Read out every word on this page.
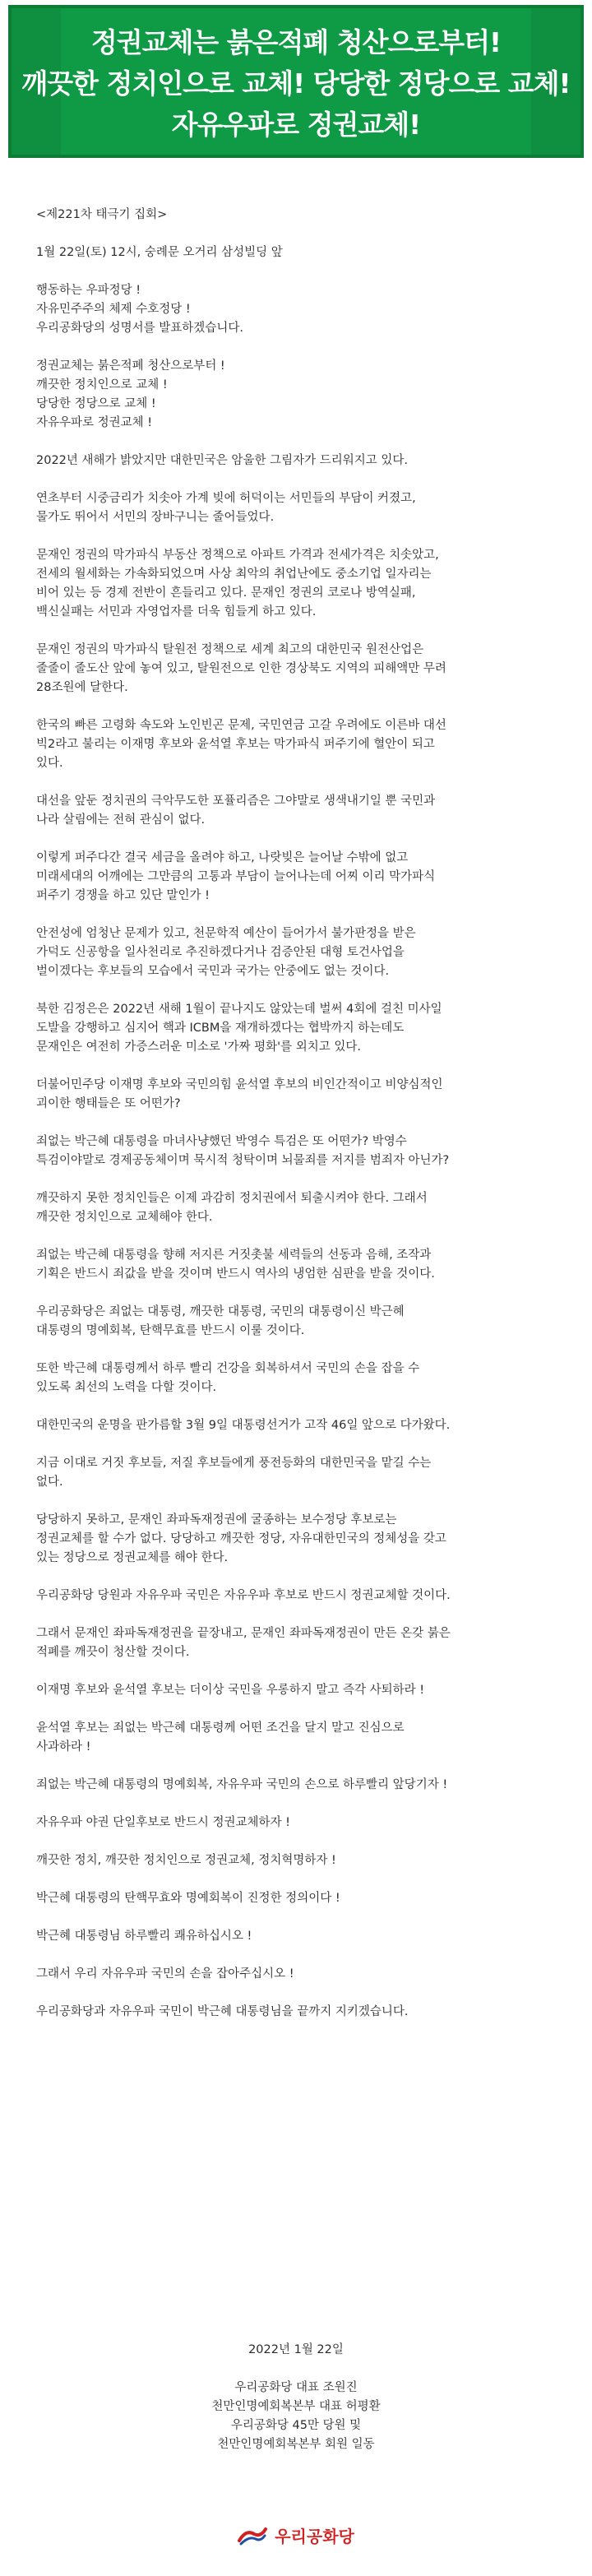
정권교체는 붉은적폐 청산으로부터!
깨끗한 정치인으로 교체! 당당한 정당으로 교체!
자유우파로 정권교체!

<제221차 태극기 집회>

1월 22일(토) 12시, 숭례문 오거리 삼성빌딩 앞

행동하는 우파정당 !

자유민주주의 체제 수호정당 !

우리공화당의 성명서를 발표하겠습니다.

정권교체는 붉은적폐 청산으로부터 !

깨끗한 정치인으로 교체 !

당당한 정당으로 교체 !

자유우파로 정권교체 !

2022년 새해가 밝았지만 대한민국은 암울한 그림자가 드리워지고 있다.

연초부터 시중금리가 치솟아 가계 빚에 허덕이는 서민들의 부담이 커졌고,

물가도 뛰어서 서민의 장바구니는 줄어들었다.

문재인 정권의 막가파식 부동산 정책으로 아파트 가격과 전세가격은 치솟았고,

전세의 월세화는 가속화되었으며 사상 최악의 취업난에도 중소기업 일자리는

비어 있는 등 경제 전반이 흔들리고 있다. 문재인 정권의 코로나 방역실패,

백신실패는 서민과 자영업자를 더욱 힘들게 하고 있다.

문재인 정권의 막가파식 탈원전 정책으로 세계 최고의 대한민국 원전산업은

줄줄이 줄도산 앞에 놓여 있고, 탈원전으로 인한 경상북도 지역의 피해액만 무려

28조원에 달한다.

한국의 빠른 고령화 속도와 노인빈곤 문제, 국민연금 고갈 우려에도 이른바 대선

빅2라고 불리는 이재명 후보와 윤석열 후보는 막가파식 퍼주기에 혈안이 되고

있다.

대선을 앞둔 정치권의 극악무도한 포퓰리즘은 그야말로 생색내기일 뿐 국민과

나라 살림에는 전혀 관심이 없다.

이렇게 퍼주다간 결국 세금을 올려야 하고, 나랏빚은 늘어날 수밖에 없고

미래세대의 어깨에는 그만큼의 고통과 부담이 늘어나는데 어찌 이리 막가파식

퍼주기 경쟁을 하고 있단 말인가 !

안전성에 엄청난 문제가 있고, 천문학적 예산이 들어가서 불가판정을 받은

가덕도 신공항을 일사천리로 추진하겠다거나 검증안된 대형 토건사업을

벌이겠다는 후보들의 모습에서 국민과 국가는 안중에도 없는 것이다.

북한 김정은은 2022년 새해 1월이 끝나지도 않았는데 벌써 4회에 걸친 미사일

도발을 강행하고 심지어 핵과 ICBM을 재개하겠다는 협박까지 하는데도

문재인은 여전히 가증스러운 미소로 '가짜 평화'를 외치고 있다.

더불어민주당 이재명 후보와 국민의힘 윤석열 후보의 비인간적이고 비양심적인

괴이한 행태들은 또 어떤가?

죄없는 박근혜 대통령을 마녀사냥했던 박영수 특검은 또 어떤가? 박영수

특검이야말로 경제공동체이며 묵시적 청탁이며 뇌물죄를 저지를 범죄자 아닌가?

깨끗하지 못한 정치인들은 이제 과감히 정치권에서 퇴출시켜야 한다. 그래서

깨끗한 정치인으로 교체해야 한다.

죄없는 박근혜 대통령을 향해 저지른 거짓촛불 세력들의 선동과 음해, 조작과

기획은 반드시 죄값을 받을 것이며 반드시 역사의 냉엄한 심판을 받을 것이다.

우리공화당은 죄없는 대통령, 깨끗한 대통령, 국민의 대통령이신 박근혜

대통령의 명예회복, 탄핵무효를 반드시 이룰 것이다.

또한 박근혜 대통령께서 하루 빨리 건강을 회복하셔서 국민의 손을 잡을 수

있도록 최선의 노력을 다할 것이다.

대한민국의 운명을 판가름할 3월 9일 대통령선거가 고작 46일 앞으로 다가왔다.

지금 이대로 거짓 후보들, 저질 후보들에게 풍전등화의 대한민국을 맡길 수는

없다.

당당하지 못하고, 문재인 좌파독재정권에 굴종하는 보수정당 후보로는

정권교체를 할 수가 없다. 당당하고 깨끗한 정당, 자유대한민국의 정체성을 갖고

있는 정당으로 정권교체를 해야 한다.

우리공화당 당원과 자유우파 국민은 자유우파 후보로 반드시 정권교체할 것이다.

그래서 문재인 좌파독재정권을 끝장내고, 문재인 좌파독재정권이 만든 온갖 붉은

적폐를 깨끗이 청산할 것이다.

이재명 후보와 윤석열 후보는 더이상 국민을 우롱하지 말고 즉각 사퇴하라 !

윤석열 후보는 죄없는 박근혜 대통령께 어떤 조건을 달지 말고 진심으로

사과하라 !

죄없는 박근혜 대통령의 명예회복, 자유우파 국민의 손으로 하루빨리 앞당기자 !

자유우파 야권 단일후보로 반드시 정권교체하자 !

깨끗한 정치, 깨끗한 정치인으로 정권교체, 정치혁명하자 !

박근혜 대통령의 탄핵무효와 명예회복이 진정한 정의이다 !

박근혜 대통령님 하루빨리 쾌유하십시오 !

그래서 우리 자유우파 국민의 손을 잡아주십시오 !

우리공화당과 자유우파 국민이 박근혜 대통령님을 끝까지 지키겠습니다.

2022년 1월 22일
우리공화당 대표 조원진
천만인명예회복본부 대표 허평환
우리공화당 45만 당원 및
천만인명예회복본부 회원 일동
우리공화당
